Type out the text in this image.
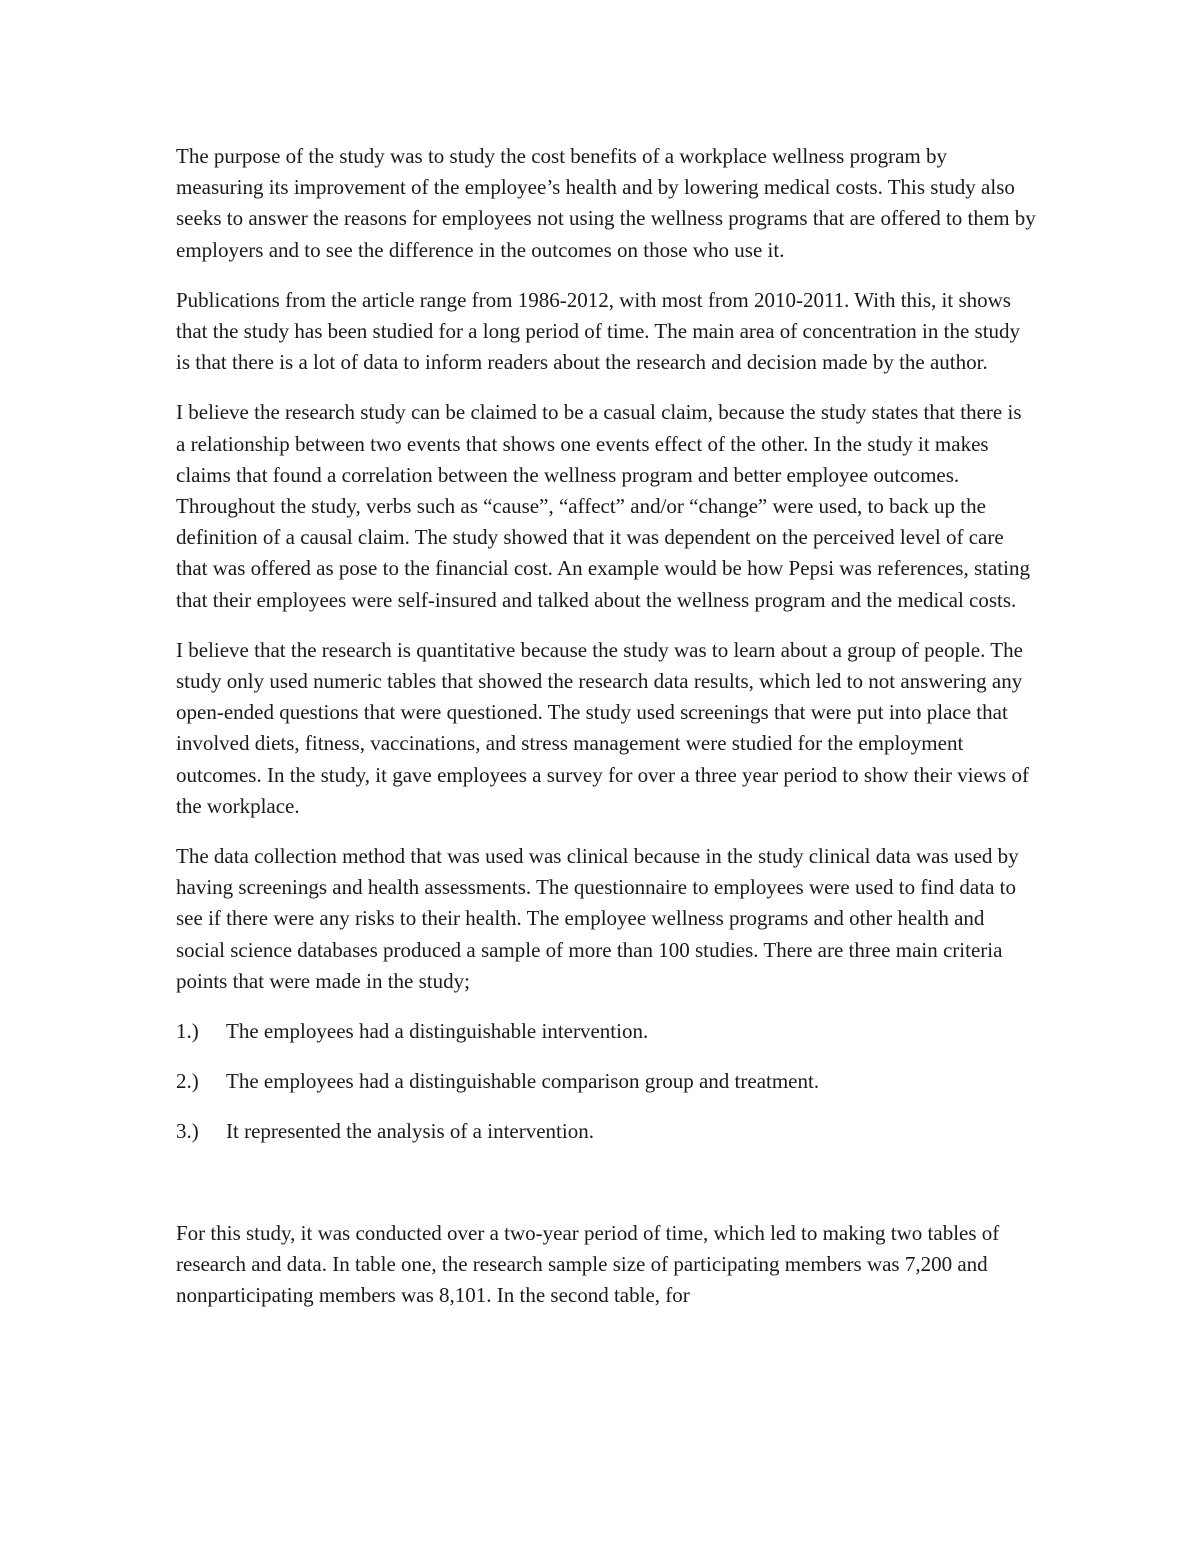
The purpose of the study was to study the cost benefits of a workplace wellness program by measuring its improvement of the employee’s health and by lowering medical costs. This study also seeks to answer the reasons for employees not using the wellness programs that are offered to them by employers and to see the difference in the outcomes on those who use it.

Publications from the article range from 1986-2012, with most from 2010-2011. With this, it shows that the study has been studied for a long period of time. The main area of concentration in the study is that there is a lot of data to inform readers about the research and decision made by the author.

I believe the research study can be claimed to be a casual claim, because the study states that there is a relationship between two events that shows one events effect of the other. In the study it makes claims that found a correlation between the wellness program and better employee outcomes. Throughout the study, verbs such as “cause”, “affect” and/or “change” were used, to back up the definition of a causal claim. The study showed that it was dependent on the perceived level of care that was offered as pose to the financial cost. An example would be how Pepsi was references, stating that their employees were self-insured and talked about the wellness program and the medical costs.

I believe that the research is quantitative because the study was to learn about a group of people. The study only used numeric tables that showed the research data results, which led to not answering any open-ended questions that were questioned. The study used screenings that were put into place that involved diets, fitness, vaccinations, and stress management were studied for the employment outcomes. In the study, it gave employees a survey for over a three year period to show their views of the workplace.

The data collection method that was used was clinical because in the study clinical data was used by having screenings and health assessments. The questionnaire to employees were used to find data to see if there were any risks to their health. The employee wellness programs and other health and social science databases produced a sample of more than 100 studies. There are three main criteria points that were made in the study;

1.)	The employees had a distinguishable intervention.
2.)	The employees had a distinguishable comparison group and treatment.
3.)	It represented the analysis of a intervention.

For this study, it was conducted over a two-year period of time, which led to making two tables of research and data. In table one, the research sample size of participating members was 7,200 and nonparticipating members was 8,101. In the second table, for
